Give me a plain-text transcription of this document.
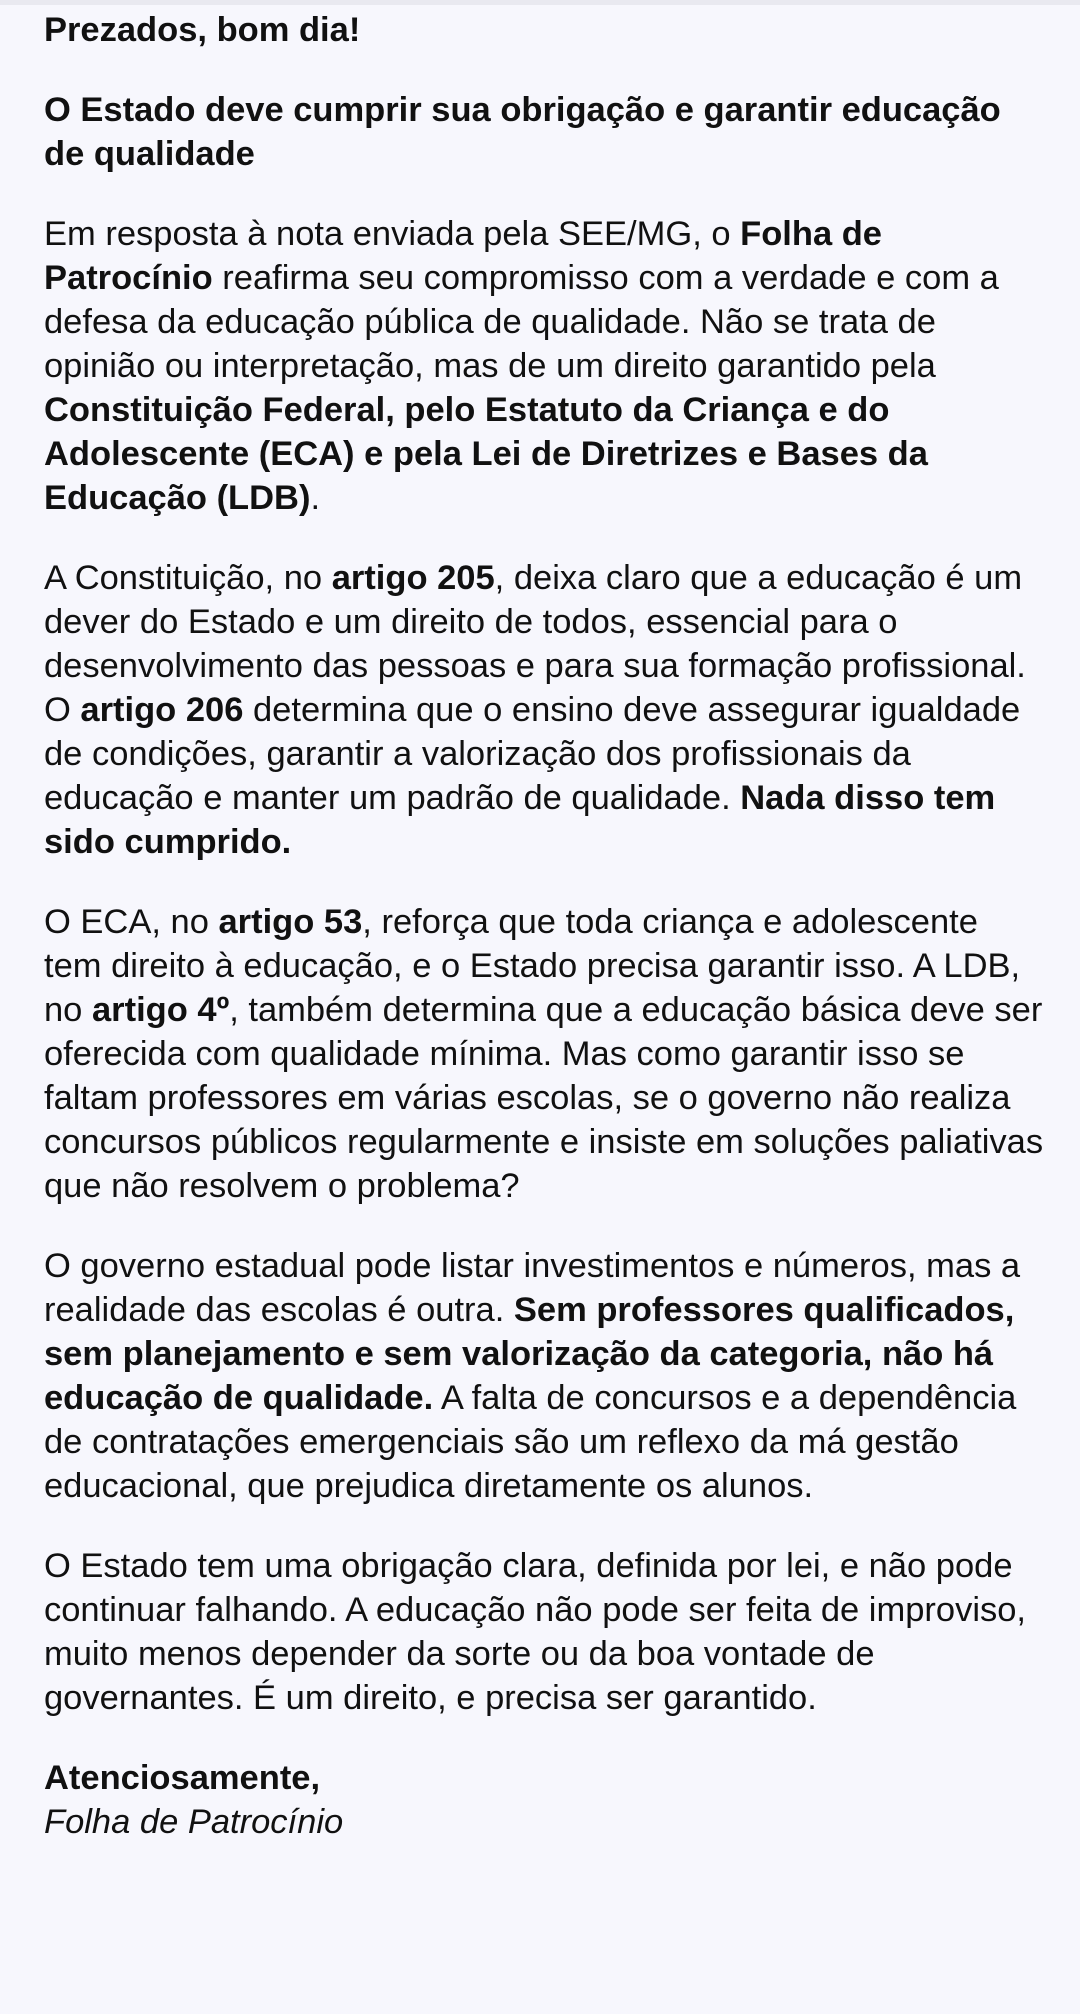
Prezados, bom dia!

O Estado deve cumprir sua obrigação e garantir educação de qualidade

Em resposta à nota enviada pela SEE/MG, o Folha de Patrocínio reafirma seu compromisso com a verdade e com a defesa da educação pública de qualidade. Não se trata de opinião ou interpretação, mas de um direito garantido pela Constituição Federal, pelo Estatuto da Criança e do Adolescente (ECA) e pela Lei de Diretrizes e Bases da Educação (LDB).

A Constituição, no artigo 205, deixa claro que a educação é um dever do Estado e um direito de todos, essencial para o desenvolvimento das pessoas e para sua formação profissional. O artigo 206 determina que o ensino deve assegurar igualdade de condições, garantir a valorização dos profissionais da educação e manter um padrão de qualidade. Nada disso tem sido cumprido.

O ECA, no artigo 53, reforça que toda criança e adolescente tem direito à educação, e o Estado precisa garantir isso. A LDB, no artigo 4º, também determina que a educação básica deve ser oferecida com qualidade mínima. Mas como garantir isso se faltam professores em várias escolas, se o governo não realiza concursos públicos regularmente e insiste em soluções paliativas que não resolvem o problema?

O governo estadual pode listar investimentos e números, mas a realidade das escolas é outra. Sem professores qualificados, sem planejamento e sem valorização da categoria, não há educação de qualidade. A falta de concursos e a dependência de contratações emergenciais são um reflexo da má gestão educacional, que prejudica diretamente os alunos.

O Estado tem uma obrigação clara, definida por lei, e não pode continuar falhando. A educação não pode ser feita de improviso, muito menos depender da sorte ou da boa vontade de governantes. É um direito, e precisa ser garantido.

Atenciosamente,
Folha de Patrocínio
